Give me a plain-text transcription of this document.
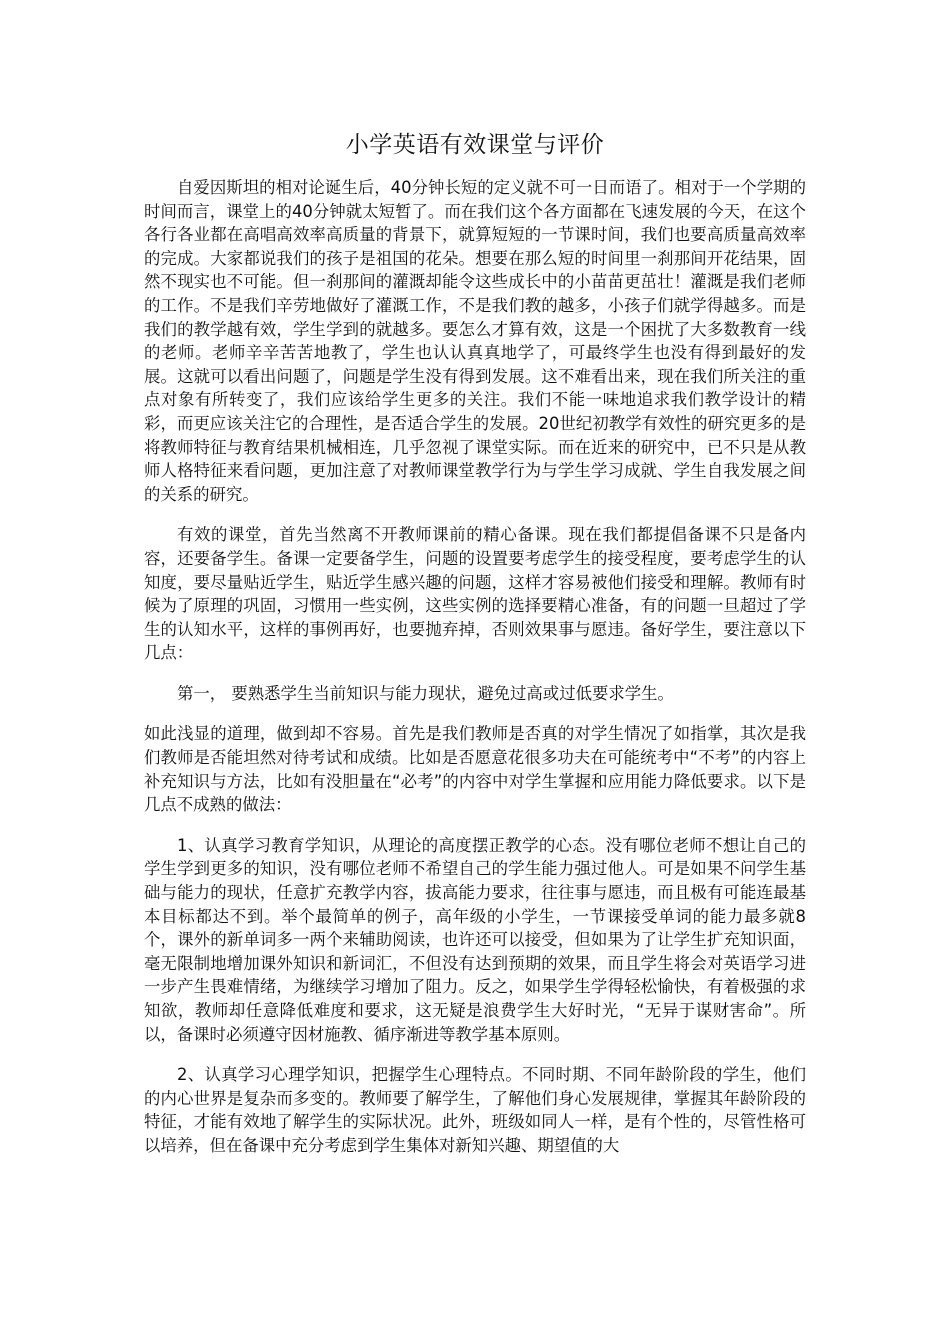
小学英语有效课堂与评价

自爱因斯坦的相对论诞生后，40分钟长短的定义就不可一日而语了。相对于一个学期的时间而言，课堂上的40分钟就太短暂了。而在我们这个各方面都在飞速发展的今天，在这个各行各业都在高唱高效率高质量的背景下，就算短短的一节课时间，我们也要高质量高效率的完成。大家都说我们的孩子是祖国的花朵。想要在那么短的时间里一刹那间开花结果，固然不现实也不可能。但一刹那间的灌溉却能令这些成长中的小苗苗更茁壮！灌溉是我们老师的工作。不是我们辛劳地做好了灌溉工作，不是我们教的越多，小孩子们就学得越多。而是我们的教学越有效，学生学到的就越多。要怎么才算有效，这是一个困扰了大多数教育一线的老师。老师辛辛苦苦地教了，学生也认认真真地学了，可最终学生也没有得到最好的发展。这就可以看出问题了，问题是学生没有得到发展。这不难看出来，现在我们所关注的重点对象有所转变了，我们应该给学生更多的关注。我们不能一味地追求我们教学设计的精彩，而更应该关注它的合理性，是否适合学生的发展。20世纪初教学有效性的研究更多的是将教师特征与教育结果机械相连，几乎忽视了课堂实际。而在近来的研究中，已不只是从教师人格特征来看问题，更加注意了对教师课堂教学行为与学生学习成就、学生自我发展之间的关系的研究。

有效的课堂，首先当然离不开教师课前的精心备课。现在我们都提倡备课不只是备内容，还要备学生。备课一定要备学生，问题的设置要考虑学生的接受程度，要考虑学生的认知度，要尽量贴近学生，贴近学生感兴趣的问题，这样才容易被他们接受和理解。教师有时候为了原理的巩固，习惯用一些实例，这些实例的选择要精心准备，有的问题一旦超过了学生的认知水平，这样的事例再好，也要抛弃掉，否则效果事与愿违。备好学生，要注意以下几点：

第一， 要熟悉学生当前知识与能力现状，避免过高或过低要求学生。

如此浅显的道理，做到却不容易。首先是我们教师是否真的对学生情况了如指掌，其次是我们教师是否能坦然对待考试和成绩。比如是否愿意花很多功夫在可能统考中“不考”的内容上补充知识与方法，比如有没胆量在“必考”的内容中对学生掌握和应用能力降低要求。以下是几点不成熟的做法：

1、认真学习教育学知识，从理论的高度摆正教学的心态。没有哪位老师不想让自己的学生学到更多的知识，没有哪位老师不希望自己的学生能力强过他人。可是如果不问学生基础与能力的现状，任意扩充教学内容，拔高能力要求，往往事与愿违，而且极有可能连最基本目标都达不到。举个最简单的例子，高年级的小学生，一节课接受单词的能力最多就8个，课外的新单词多一两个来辅助阅读，也许还可以接受，但如果为了让学生扩充知识面，毫无限制地增加课外知识和新词汇，不但没有达到预期的效果，而且学生将会对英语学习进一步产生畏难情绪，为继续学习增加了阻力。反之，如果学生学得轻松愉快，有着极强的求知欲，教师却任意降低难度和要求，这无疑是浪费学生大好时光，“无异于谋财害命”。所以，备课时必须遵守因材施教、循序渐进等教学基本原则。

2、认真学习心理学知识，把握学生心理特点。不同时期、不同年龄阶段的学生，他们的内心世界是复杂而多变的。教师要了解学生，了解他们身心发展规律，掌握其年龄阶段的特征，才能有效地了解学生的实际状况。此外，班级如同人一样，是有个性的，尽管性格可以培养，但在备课中充分考虑到学生集体对新知兴趣、期望值的大
